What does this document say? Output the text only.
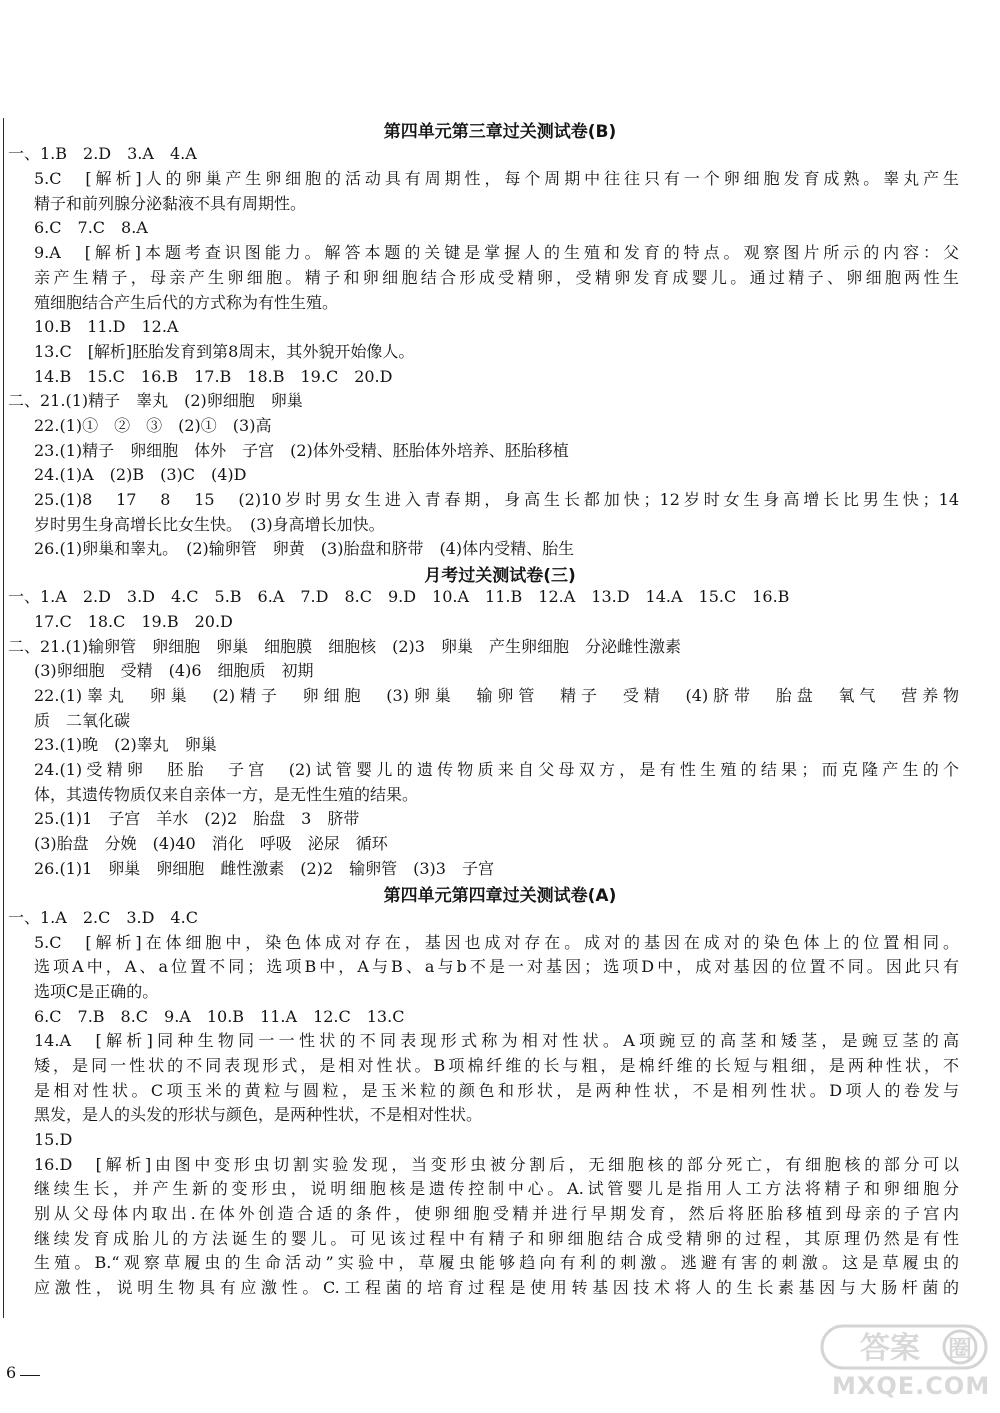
第四单元第三章过关测试卷(B)
一、1.B　2.D　3.A　4.A
5.C　[解析]人的卵巢产生卵细胞的活动具有周期性，每个周期中往往只有一个卵细胞发育成熟。睾丸产生
精子和前列腺分泌黏液不具有周期性。
6.C　7.C　8.A
9.A　[解析]本题考查识图能力。解答本题的关键是掌握人的生殖和发育的特点。观察图片所示的内容：父
亲产生精子，母亲产生卵细胞。精子和卵细胞结合形成受精卵，受精卵发育成婴儿。通过精子、卵细胞两性生
殖细胞结合产生后代的方式称为有性生殖。
10.B　11.D　12.A
13.C　[解析]胚胎发育到第8周末，其外貌开始像人。
14.B　15.C　16.B　17.B　18.B　19.C　20.D
二、21.(1)精子　睾丸　(2)卵细胞　卵巢
22.(1)①　②　③　(2)①　(3)高
23.(1)精子　卵细胞　体外　子宫　(2)体外受精、胚胎体外培养、胚胎移植
24.(1)A　(2)B　(3)C　(4)D
25.(1)8　17　8　15　(2)10岁时男女生进入青春期，身高生长都加快；12岁时女生身高增长比男生快；14
岁时男生身高增长比女生快。　(3)身高增长加快。
26.(1)卵巢和睾丸。　(2)输卵管　卵黄　(3)胎盘和脐带　(4)体内受精、胎生
月考过关测试卷(三)
一、1.A　2.D　3.D　4.C　5.B　6.A　7.D　8.C　9.D　10.A　11.B　12.A　13.D　14.A　15.C　16.B
17.C　18.C　19.B　20.D
二、21.(1)输卵管　卵细胞　卵巢　细胞膜　细胞核　(2)3　卵巢　产生卵细胞　分泌雌性激素
(3)卵细胞　受精　(4)6　细胞质　初期
22.(1)睾丸　卵巢　(2)精子　卵细胞　(3)卵巢　输卵管　精子　受精　(4)脐带　胎盘　氧气　营养物
质　二氧化碳
23.(1)晚　(2)睾丸　卵巢
24.(1)受精卵　胚胎　子宫　(2)试管婴儿的遗传物质来自父母双方，是有性生殖的结果；而克隆产生的个
体，其遗传物质仅来自亲体一方，是无性生殖的结果。
25.(1)1　子宫　羊水　(2)2　胎盘　3　脐带
(3)胎盘　分娩　(4)40　消化　呼吸　泌尿　循环
26.(1)1　卵巢　卵细胞　雌性激素　(2)2　输卵管　(3)3　子宫
第四单元第四章过关测试卷(A)
一、1.A　2.C　3.D　4.C
5.C　[解析]在体细胞中，染色体成对存在，基因也成对存在。成对的基因在成对的染色体上的位置相同。
选项A中，A、a位置不同；选项B中，A与B、a与b不是一对基因；选项D中，成对基因的位置不同。因此只有
选项C是正确的。
6.C　7.B　8.C　9.A　10.B　11.A　12.C　13.C
14.A　[解析]同种生物同一一性状的不同表现形式称为相对性状。A项豌豆的高茎和矮茎，是豌豆茎的高
矮，是同一性状的不同表现形式，是相对性状。B项棉纤维的长与粗，是棉纤维的长短与粗细，是两种性状，不
是相对性状。C项玉米的黄粒与圆粒，是玉米粒的颜色和形状，是两种性状，不是相列性状。D项人的卷发与
黑发，是人的头发的形状与颜色，是两种性状，不是相对性状。
15.D
16.D　[解析]由图中变形虫切割实验发现，当变形虫被分割后，无细胞核的部分死亡，有细胞核的部分可以
继续生长，并产生新的变形虫，说明细胞核是遗传控制中心。A.试管婴儿是指用人工方法将精子和卵细胞分
别从父母体内取出.在体外创造合适的条件，使卵细胞受精并进行早期发育，然后将胚胎移植到母亲的子宫内
继续发育成胎儿的方法诞生的婴儿。可见该过程中有精子和卵细胞结合成受精卵的过程，其原理仍然是有性
生殖。B.“观察草履虫的生命活动”实验中，草履虫能够趋向有利的刺激。逃避有害的刺激。这是草履虫的
应激性，说明生物具有应激性。C.工程菌的培育过程是使用转基因技术将人的生长素基因与大肠杆菌的
6
答案 圈
MXQE.COM
